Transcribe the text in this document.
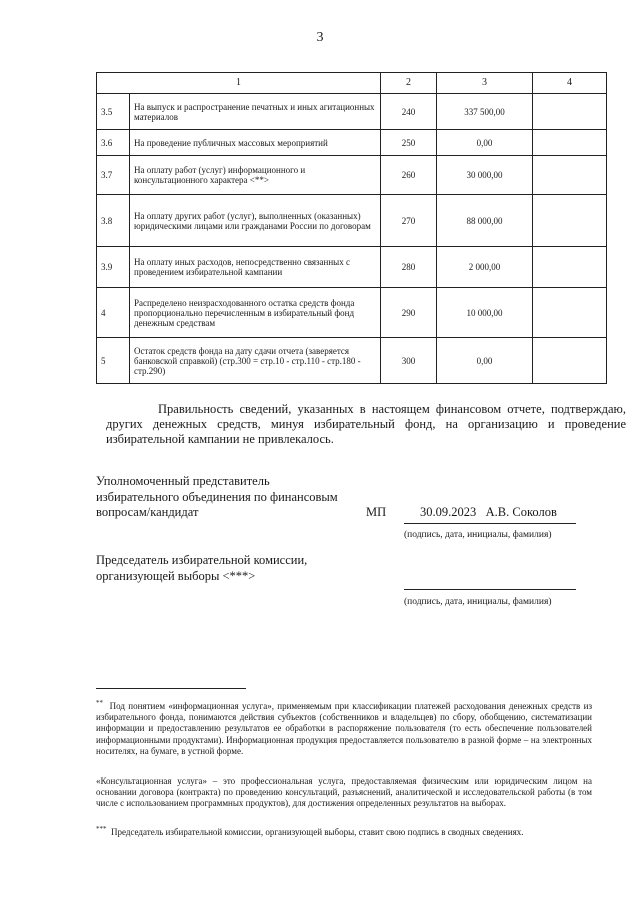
3
1		2	3	4
3.5	На выпуск и распространение печатных и иных агитационных материалов	240	337 500,00	
3.6	На проведение публичных массовых мероприятий	250	0,00	
3.7	На оплату работ (услуг) информационного и консультационного характера <**>	260	30 000,00	
3.8	На оплату других работ (услуг), выполненных (оказанных) юридическими лицами или гражданами России по договорам	270	88 000,00	
3.9	На оплату иных расходов, непосредственно связанных с проведением избирательной кампании	280	2 000,00	
4	Распределено неизрасходованного остатка средств фонда пропорционально перечисленным в избирательный фонд денежным средствам	290	10 000,00	
5	Остаток средств фонда на дату сдачи отчета (заверяется банковской справкой) (стр.300 = стр.10 - стр.110 - стр.180 - стр.290)	300	0,00	
Правильность сведений, указанных в настоящем финансовом отчете, подтверждаю, других денежных средств, минуя избирательный фонд, на организацию и проведение избирательной кампании не привлекалось.
Уполномоченный представитель
избирательного объединения по финансовым
вопросам/кандидат	МП	30.09.2023   А.В. Соколов
(подпись, дата, инициалы, фамилия)
Председатель избирательной комиссии,
организующей выборы <***>
(подпись, дата, инициалы, фамилия)
** Под понятием «информационная услуга», применяемым при классификации платежей расходования денежных средств из избирательного фонда, понимаются действия субъектов (собственников и владельцев) по сбору, обобщению, систематизации информации и предоставлению результатов ее обработки в распоряжение пользователя (то есть обеспечение пользователей информационными продуктами). Информационная продукция предоставляется пользователю в разной форме – на электронных носителях, на бумаге, в устной форме.
«Консультационная услуга» – это профессиональная услуга, предоставляемая физическим или юридическим лицом на основании договора (контракта) по проведению консультаций, разъяснений, аналитической и исследовательской работы (в том числе с использованием программных продуктов), для достижения определенных результатов на выборах.
*** Председатель избирательной комиссии, организующей выборы, ставит свою подпись в сводных сведениях.
